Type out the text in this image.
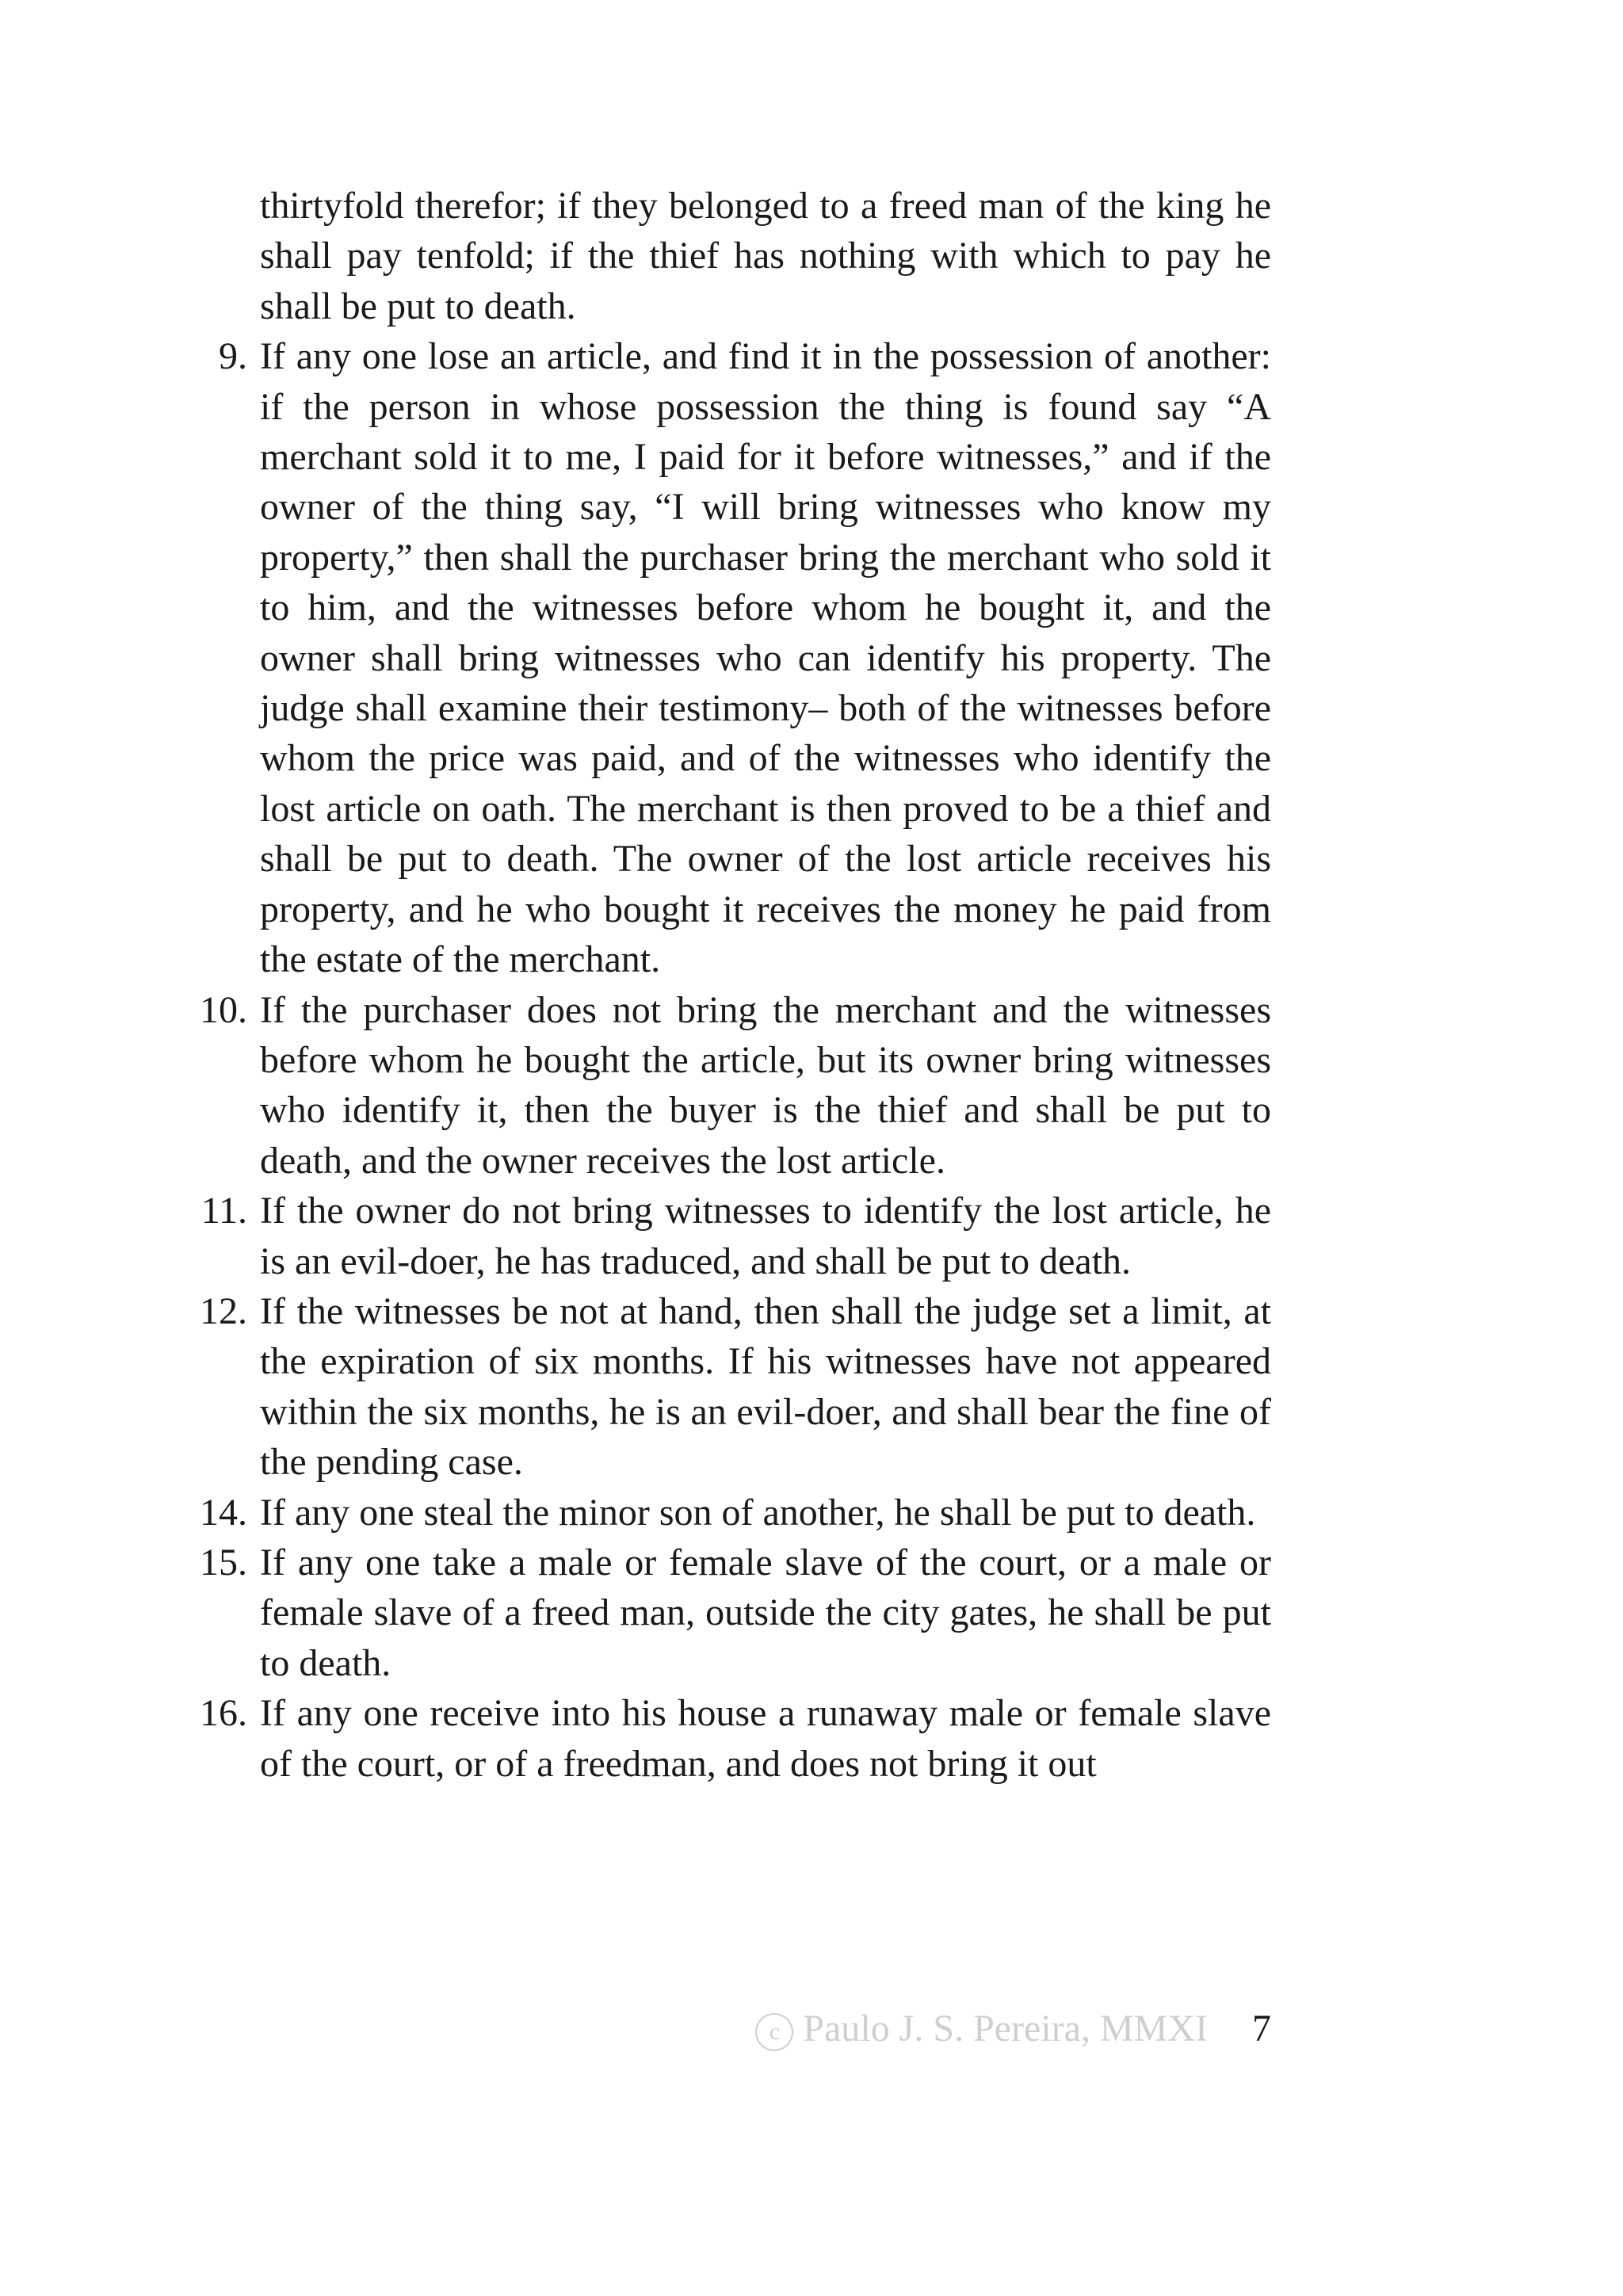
thirtyfold therefor; if they belonged to a freed man of the king he shall pay tenfold; if the thief has nothing with which to pay he shall be put to death.

9. If any one lose an article, and find it in the possession of another: if the person in whose possession the thing is found say “A merchant sold it to me, I paid for it before witnesses,” and if the owner of the thing say, “I will bring witnesses who know my property,” then shall the purchaser bring the merchant who sold it to him, and the witnesses before whom he bought it, and the owner shall bring witnesses who can identify his property. The judge shall examine their testimony– both of the witnesses before whom the price was paid, and of the witnesses who identify the lost article on oath. The merchant is then proved to be a thief and shall be put to death. The owner of the lost article receives his property, and he who bought it receives the money he paid from the estate of the merchant.
10. If the purchaser does not bring the merchant and the witnesses before whom he bought the article, but its owner bring witnesses who identify it, then the buyer is the thief and shall be put to death, and the owner receives the lost article.
11. If the owner do not bring witnesses to identify the lost article, he is an evil-doer, he has traduced, and shall be put to death.
12. If the witnesses be not at hand, then shall the judge set a limit, at the expiration of six months. If his witnesses have not appeared within the six months, he is an evil-doer, and shall bear the fine of the pending case.
14. If any one steal the minor son of another, he shall be put to death.
15. If any one take a male or female slave of the court, or a male or female slave of a freed man, outside the city gates, he shall be put to death.
16. If any one receive into his house a runaway male or female slave of the court, or of a freedman, and does not bring it out
c Paulo J. S. Pereira, MMXI 7
